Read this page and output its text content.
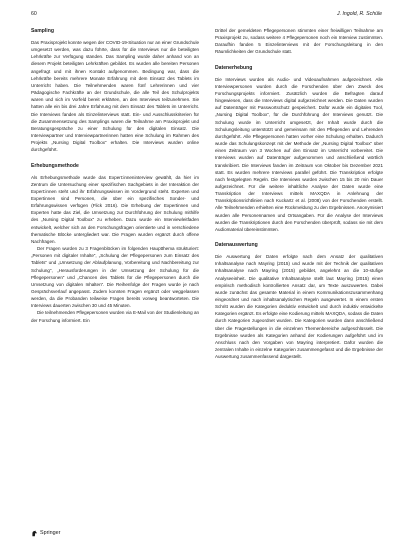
60	J. Ingold, R. Schüle
Sampling

Das Praxisprojekt konnte wegen der COVID-19-Situation nur an einer Grundschule umgesetzt werden, was dazu führte, dass für die Interviews nur die beteiligten Lehrkräfte zur Verfügung standen. Das Sampling wurde daher anhand von an diesem Projekt beteiligten Lehrkräften gebildet. Es wurden alle bereiten Personen angefragt und mit ihnen Kontakt aufgenommen. Bedingung war, dass die Lehrkräfte bereits mehrere Monate Erfahrung mit dem Einsatz des Tablets im Unterricht haben. Die Teilnehmenden waren fünf Lehrerinnen und vier Pädagogische Fachkräfte an der Grundschule, die alle Teil des Schulprojekts waren und sich im Vorfeld bereit erklärten, an den Interviews teilzunehmen. Sie hatten alle ein bis drei Jahre Erfahrung mit dem Einsatz des Tablets im Unterricht. Die Interviews fanden als Einzelinterviews statt. Ein- und Ausschlusskriterien für die Zusammensetzung des Samplings waren die Teilnahme am Praxisprojekt und Beratungsgespräche zu einer Schulung für den digitalen Einsatz. Die Interviewpartner und Interviewpartnerinnen hatten eine Schulung im Rahmen des Projekts „Nursing Digital Toolbox“ erhalten. Die Interviews wurden online durchgeführt.

Erhebungsmethode

Als Erhebungsmethode wurde das Expert:inneninterview gewählt, da hier im Zentrum die Untersuchung einer spezifischen Sachgebiets in der Interaktion der Expert:innen steht und ihr Erfahrungswissen im Vordergrund steht. Experten und Expertinnen sind Personen, die über ein spezifisches Sonder- und Erfahrungswissen verfügen (Flick 2016). Die Erhebung der Expertinnen und Experten hatte das Ziel, die Umsetzung zur Durchführung der Schulung mithilfe des „Nursing Digital Toolbox“ zu erheben. Dazu wurde ein Interviewleitfaden entwickelt, welcher sich an den Forschungsfragen orientierte und in verschiedene thematische Blöcke untergliedert war. Die Fragen wurden ergänzt durch offene Nachfragen.

Der Fragen wurden zu 3 Fragenblöcken im folgenden Hauptthema strukturiert: „Personen mit digitaler Inhalte“, „Schulung der Pflegepersonen zum Einsatz des Tablets“ und „Umsetzung der Ablaufplanung, Vorbereitung und Nachbereitung zur Schulung“, „Herausforderungen in der Umsetzung der Schulung für die Pflegepersonen“ und „Chancen des Tablets für die Pflegepersonen durch die Umsetzung von digitalen Inhalten“. Die Reihenfolge der Fragen wurde je nach Gesprächsverlauf angepasst. Zudem konnten Fragen ergänzt oder weggelassen werden, da die Probanden teilweise Fragen bereits vorweg beantworteten. Die Interviews dauerten zwischen 30 und 45 Minuten.

Die teilnehmenden Pflegepersonen wurden via E-Mail von der Studienleitung an der Forschung informiert. Ein

Drittel der gemeldeten Pflegepersonen stimmten einer freiwilligen Teilnahme am Praxisprojekt zu, sodass weitere 4 Pflegepersonen noch ein Interview zustimmten. Daraufhin fanden 5 Einzelinterviews mit der Forschungsleitung in den Räumlichkeiten der Grundschule statt.

Datenerhebung

Die Interviews wurden als Audio- und Videoaufnahmen aufgezeichnet. Alle Interviewpersonen wurden durch die Forschenden über den Zweck des Forschungsprojekts informiert. Zusätzlich wurden die Befragten darauf hingewiesen, dass die Interviews digital aufgezeichnet werden. Die Daten wurden auf Datenträger mit Passwortschutz gespeichert. Dafür wurde ein digitales Tool, „Nursing Digital Toolbox“, für die Durchführung der Interviews genutzt. Die Schulung wurde im Unterricht umgesetzt, der Inhalt wurde durch die Schulungsleitung unterstützt und gemeinsam mit den Pflegenden und Lehrenden durchgeführt. Alle Pflegepersonen hatten vorher eine Schulung erhalten. Dadurch wurde das Schulungskonzept mit der Methode der „Nursing Digital Toolbox“ über einen Zeitraum von 3 Wochen auf den Einsatz im Unterricht vorbereitet. Die Interviews wurden auf Datenträger aufgenommen und anschließend wörtlich transkribiert. Die Interviews fanden im Zeitraum von Oktober bis Dezember 2021 statt. Es wurden mehrere Interviews parallel geführt. Die Transkription erfolgte nach festgelegten Regeln. Die Interviews wurden zwischen 15 bis 20 min Dauer aufgezeichnet. Für die weitere inhaltliche Analyse der Daten wurde eine Transkription der Interviews mittels MAXQDA in Anlehnung der Transkriptionsrichtlinien nach Kuckartz et al. (2008) von der Forschenden erstellt. Alle Teilnehmenden erhielten eine Rückmeldung zu den Ergebnissen. Anonymisiert wurden alle Personennamen und Ortsangaben. Für die Analyse der Interviews wurden die Transkriptionen durch den Forschenden überprüft, sodass sie mit dem Audiomaterial übereinstimmten.

Datenauswertung

Die Auswertung der Daten erfolgte nach dem Ansatz der qualitativen Inhaltsanalyse nach Mayring (2015) und wurde mit der Technik der qualitativen Inhaltsanalyse nach Mayring (2015) gebildet, angelehnt an die 10-stufige Analyseeinheit. Die qualitative Inhaltsanalyse stellt laut Mayring (2015) einen empirisch methodisch kontrollierten Ansatz dar, um Texte auszuwerten. Dabei wurde zunächst das gesamte Material in einem Kommunikationszusammenhang eingeordnet und nach inhaltsanalytischen Regeln ausgewertet. In einem ersten Schritt wurden die Kategorien deduktiv entwickelt und durch induktiv entwickelte Kategorien ergänzt. Es erfolgte eine Kodierung mittels MAXQDA, sodass die Daten durch Kategorien zugeordnet wurden. Die Kategorien wurden dann anschließend über die Fragestellungen in die einzelnen Themenbereiche aufgeschlüsselt. Die Ergebnisse wurden als Kategorien anhand der Kodierungen aufgeführt und im Anschluss nach den Vorgaben von Mayring interpretiert. Dafür wurden die zentralen Inhalte in einzelne Kategorien zusammengefasst und die Ergebnisse der Auswertung zusammenfassend dargestellt.

Springer
